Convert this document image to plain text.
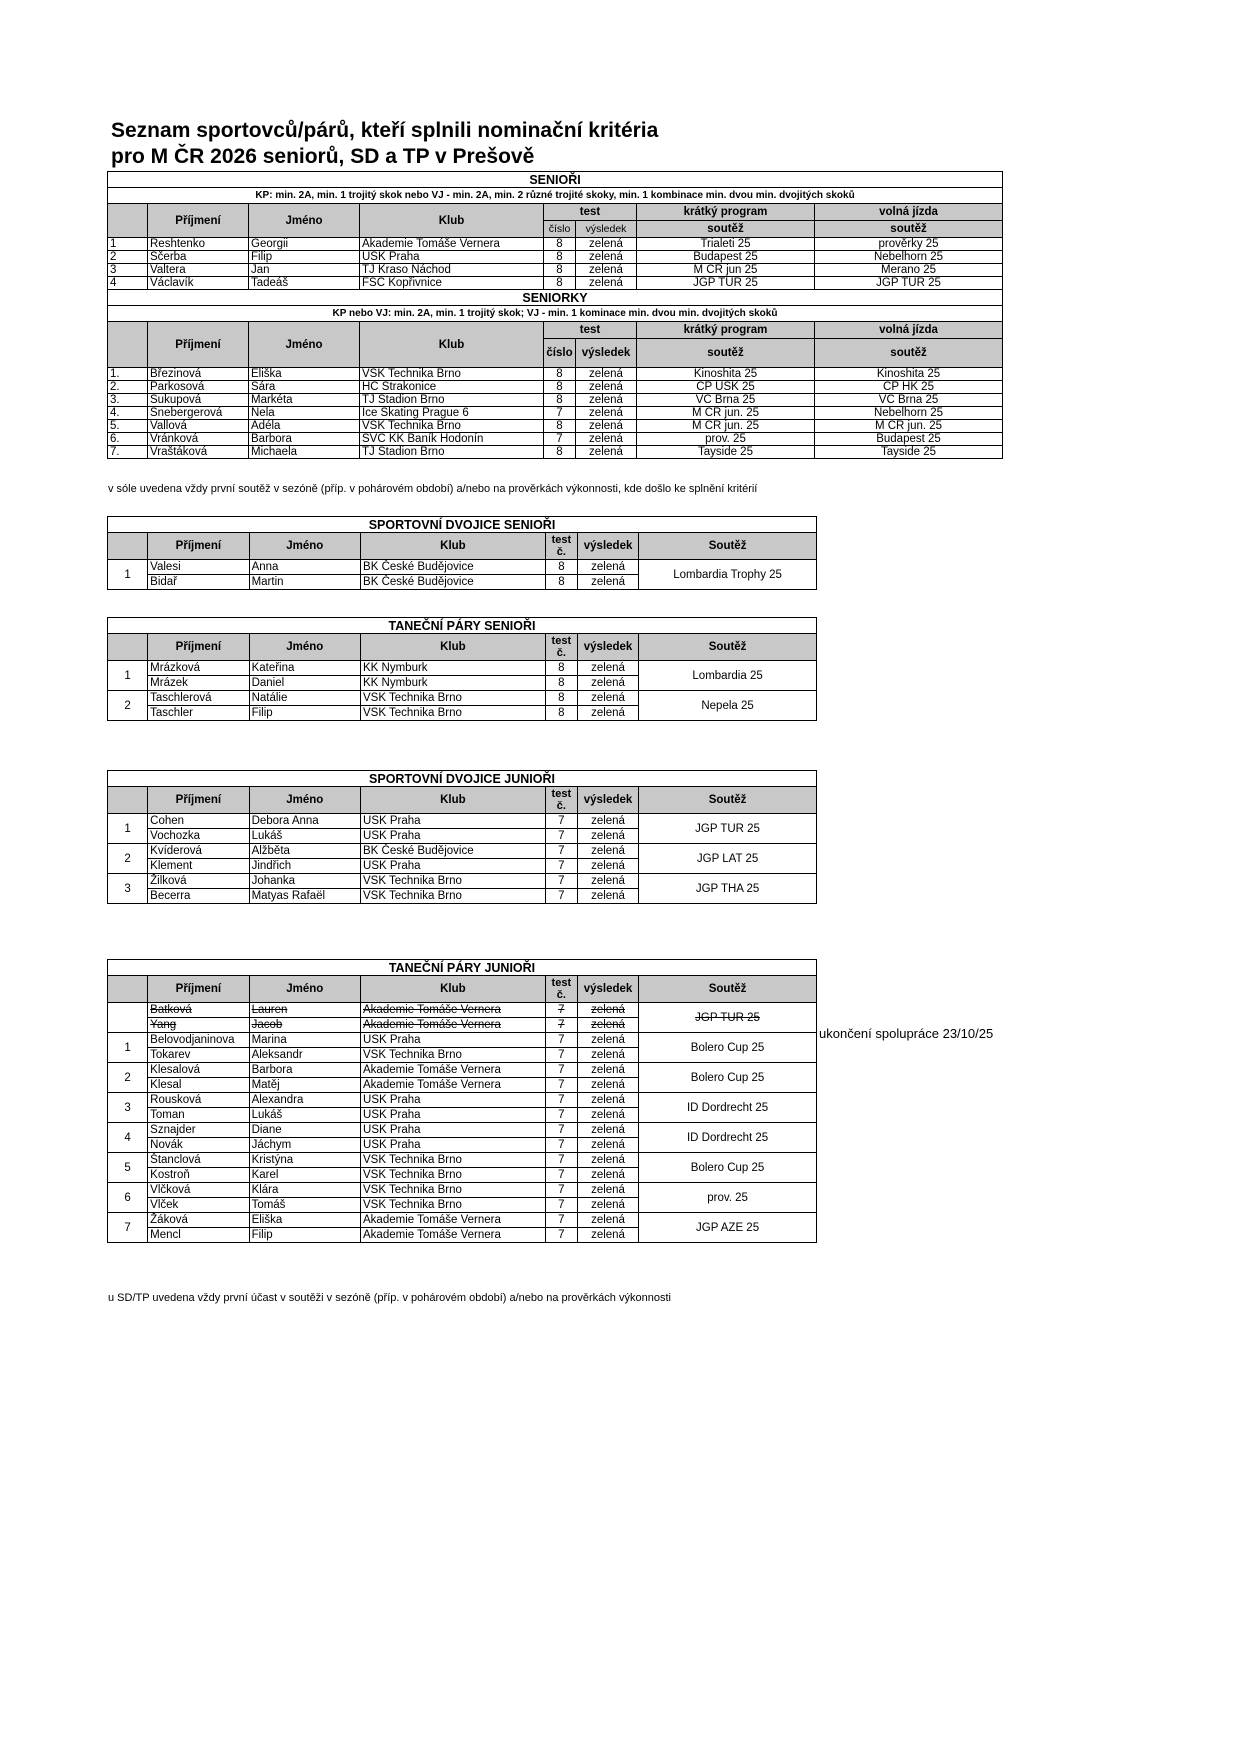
Seznam sportovců/párů, kteří splnili nominační kritéria
pro M ČR 2026 seniorů, SD a TP v Prešově
SENIOŘI							
KP: min. 2A, min. 1 trojitý skok nebo VJ - min. 2A, min. 2 různé trojité skoky, min. 1 kombinace min. dvou min. dvojitých skoků							
	Příjmení	Jméno	Klub	test		krátký program	volná jízda
				číslo	výsledek	soutěž	soutěž
1	Reshtenko	Georgii	Akademie Tomáše Vernera	8	zelená	Trialeti 25	prověrky 25
2	Ščerba	Filip	USK Praha	8	zelená	Budapest 25	Nebelhorn 25
3	Valtera	Jan	TJ Kraso Náchod	8	zelená	M ČR jun 25	Merano 25
4	Václavík	Tadeáš	FSC Kopřivnice	8	zelená	JGP TUR 25	JGP TUR 25
SENIORKY							
KP nebo VJ: min. 2A, min. 1 trojitý skok; VJ - min. 1 kominace min. dvou min. dvojitých skoků							
	Příjmení	Jméno	Klub	test		krátký program	volná jízda
				číslo	výsledek	soutěž	soutěž
1.	Březinová	Eliška	VSK Technika Brno	8	zelená	Kinoshita 25	Kinoshita 25
2.	Parkosová	Sára	HC Strakonice	8	zelená	ČP USK 25	ČP HK 25
3.	Sukupová	Markéta	TJ Stadion Brno	8	zelená	VC Brna 25	VC Brna 25
4.	Šnebergerová	Nela	Ice Skating Prague 6	7	zelená	M ČR jun. 25	Nebelhorn 25
5.	Vallová	Adéla	VSK Technika Brno	8	zelená	M ČR jun. 25	M ČR jun. 25
6.	Vránková	Barbora	SVČ KK Baník Hodonín	7	zelená	prov. 25	Budapest 25
7.	Vraštáková	Michaela	TJ Stadion Brno	8	zelená	Tayside 25	Tayside 25
v sóle uvedena vždy první soutěž v sezóně (příp. v pohárovém období) a/nebo na prověrkách výkonnosti, kde došlo ke splnění kritérií
SPORTOVNÍ DVOJICE SENIOŘI						
	Příjmení	Jméno	Klub	test č.	výsledek	Soutěž
1	Valesi	Anna	BK České Budějovice	8	zelená	Lombardia Trophy 25
	Bidař	Martin	BK České Budějovice	8	zelená	
TANEČNÍ PÁRY SENIOŘI						
	Příjmení	Jméno	Klub	test č.	výsledek	Soutěž
1	Mrázková	Kateřina	KK Nymburk	8	zelená	Lombardia 25
	Mrázek	Daniel	KK Nymburk	8	zelená	
2	Taschlerová	Natálie	VSK Technika Brno	8	zelená	Nepela 25
	Taschler	Filip	VSK Technika Brno	8	zelená	
SPORTOVNÍ DVOJICE JUNIOŘI						
	Příjmení	Jméno	Klub	test č.	výsledek	Soutěž
1	Cohen	Debora Anna	USK Praha	7	zelená	JGP TUR 25
	Vochozka	Lukáš	USK Praha	7	zelená	
2	Kvíderová	Alžběta	BK České Budějovice	7	zelená	JGP LAT 25
	Klement	Jindřich	USK Praha	7	zelená	
3	Žilková	Johanka	VSK Technika Brno	7	zelená	JGP THA 25
	Becerra	Matyas Rafaël	VSK Technika Brno	7	zelená	
TANEČNÍ PÁRY JUNIOŘI						
	Příjmení	Jméno	Klub	test č.	výsledek	Soutěž
	Batková	Lauren	Akademie Tomáše Vernera	7	zelená	JGP TUR 25
	Yang	Jacob	Akademie Tomáše Vernera	7	zelená	
1	Belovodjaninova	Marina	USK Praha	7	zelená	Bolero Cup 25
	Tokarev	Aleksandr	VSK Technika Brno	7	zelená	
2	Klesalová	Barbora	Akademie Tomáše Vernera	7	zelená	Bolero Cup 25
	Klesal	Matěj	Akademie Tomáše Vernera	7	zelená	
3	Rousková	Alexandra	USK Praha	7	zelená	ID Dordrecht 25
	Toman	Lukáš	USK Praha	7	zelená	
4	Sznajder	Diane	USK Praha	7	zelená	ID Dordrecht 25
	Novák	Jáchym	USK Praha	7	zelená	
5	Štanclová	Kristýna	VSK Technika Brno	7	zelená	Bolero Cup 25
	Kostroň	Karel	VSK Technika Brno	7	zelená	
6	Vlčková	Klára	VSK Technika Brno	7	zelená	prov. 25
	Vlček	Tomáš	VSK Technika Brno	7	zelená	
7	Žáková	Eliška	Akademie Tomáše Vernera	7	zelená	JGP AZE 25
	Mencl	Filip	Akademie Tomáše Vernera	7	zelená	
ukončení spolupráce 23/10/25
u SD/TP uvedena vždy první účast v soutěži v sezóně (příp. v pohárovém období) a/nebo na prověrkách výkonnosti
